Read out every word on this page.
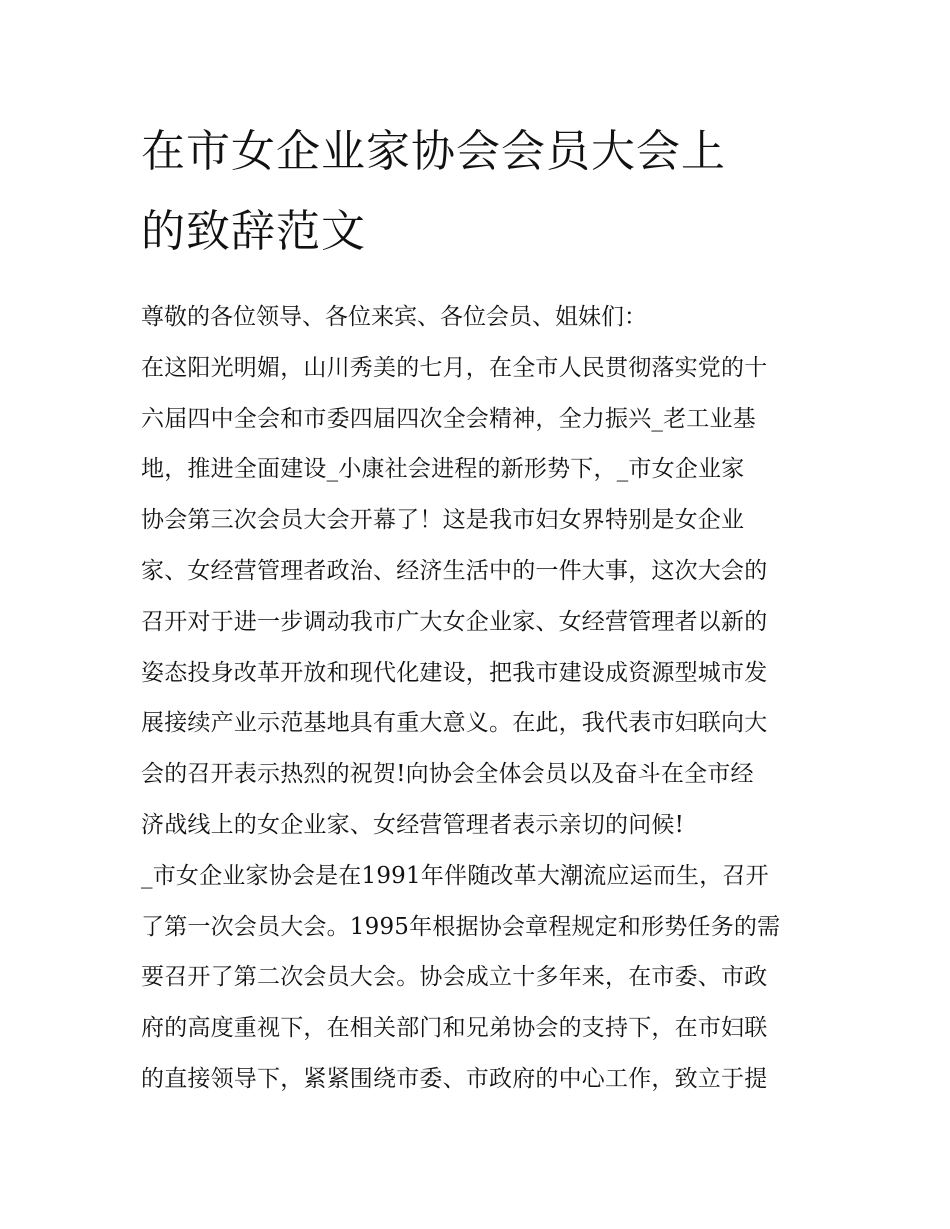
在市女企业家协会会员大会上
的致辞范文
尊敬的各位领导、各位来宾、各位会员、姐妹们：
在这阳光明媚，山川秀美的七月，在全市人民贯彻落实党的十
六届四中全会和市委四届四次全会精神，全力振兴_老工业基
地，推进全面建设_小康社会进程的新形势下，_市女企业家
协会第三次会员大会开幕了！这是我市妇女界特别是女企业
家、女经营管理者政治、经济生活中的一件大事，这次大会的
召开对于进一步调动我市广大女企业家、女经营管理者以新的
姿态投身改革开放和现代化建设，把我市建设成资源型城市发
展接续产业示范基地具有重大意义。在此，我代表市妇联向大
会的召开表示热烈的祝贺!向协会全体会员以及奋斗在全市经
济战线上的女企业家、女经营管理者表示亲切的问候!
_市女企业家协会是在1991年伴随改革大潮流应运而生，召开
了第一次会员大会。1995年根据协会章程规定和形势任务的需
要召开了第二次会员大会。协会成立十多年来，在市委、市政
府的高度重视下，在相关部门和兄弟协会的支持下，在市妇联
的直接领导下，紧紧围绕市委、市政府的中心工作，致立于提
